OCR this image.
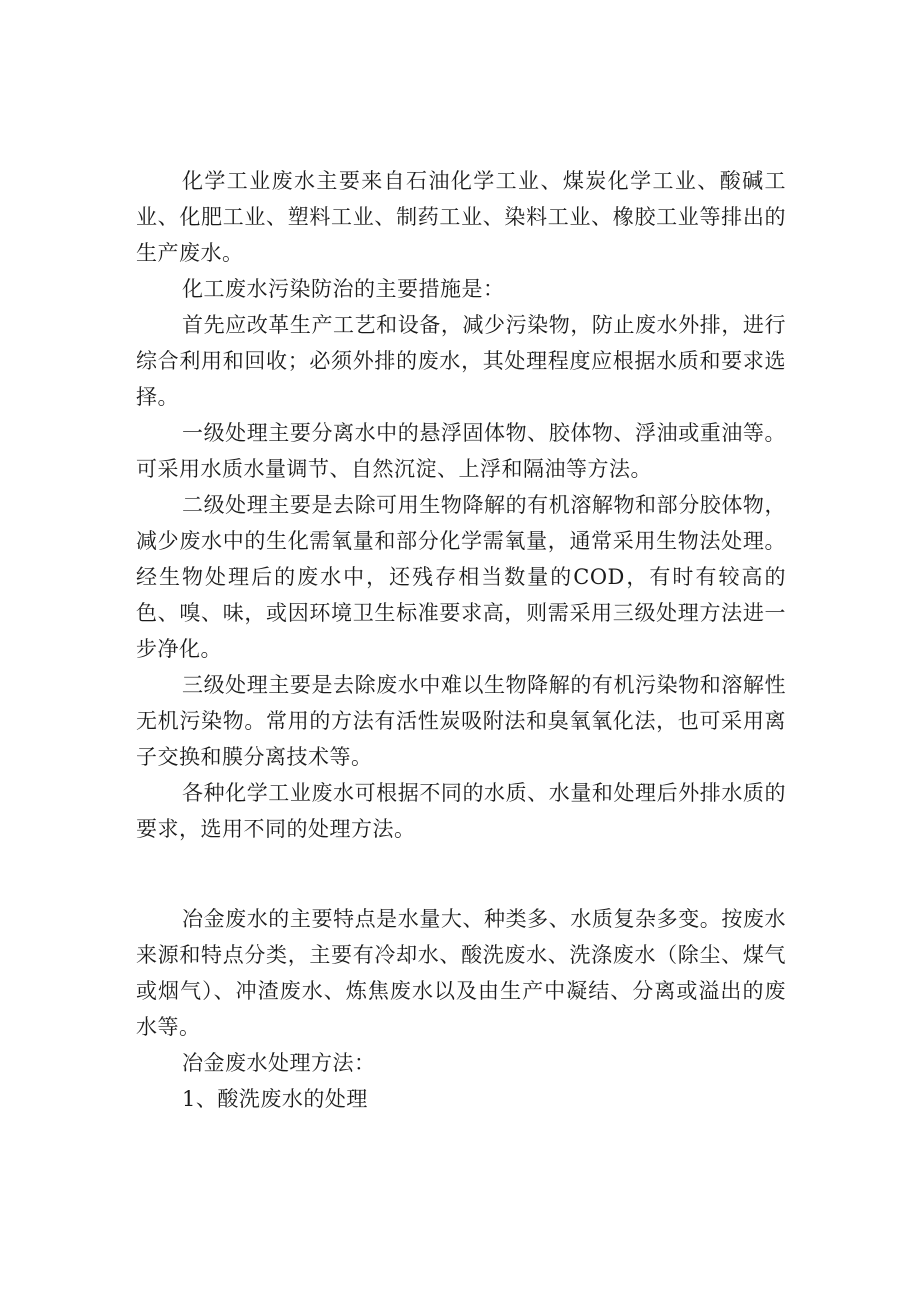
化学工业废水主要来自石油化学工业、煤炭化学工业、酸碱工业、化肥工业、塑料工业、制药工业、染料工业、橡胶工业等排出的生产废水。

化工废水污染防治的主要措施是：

首先应改革生产工艺和设备，减少污染物，防止废水外排，进行综合利用和回收；必须外排的废水，其处理程度应根据水质和要求选择。

一级处理主要分离水中的悬浮固体物、胶体物、浮油或重油等。可采用水质水量调节、自然沉淀、上浮和隔油等方法。

二级处理主要是去除可用生物降解的有机溶解物和部分胶体物，减少废水中的生化需氧量和部分化学需氧量，通常采用生物法处理。经生物处理后的废水中，还残存相当数量的COD，有时有较高的色、嗅、味，或因环境卫生标准要求高，则需采用三级处理方法进一步净化。

三级处理主要是去除废水中难以生物降解的有机污染物和溶解性无机污染物。常用的方法有活性炭吸附法和臭氧氧化法，也可采用离子交换和膜分离技术等。

各种化学工业废水可根据不同的水质、水量和处理后外排水质的要求，选用不同的处理方法。

冶金废水的主要特点是水量大、种类多、水质复杂多变。按废水来源和特点分类，主要有冷却水、酸洗废水、洗涤废水（除尘、煤气或烟气）、冲渣废水、炼焦废水以及由生产中凝结、分离或溢出的废水等。

冶金废水处理方法：

1、酸洗废水的处理
